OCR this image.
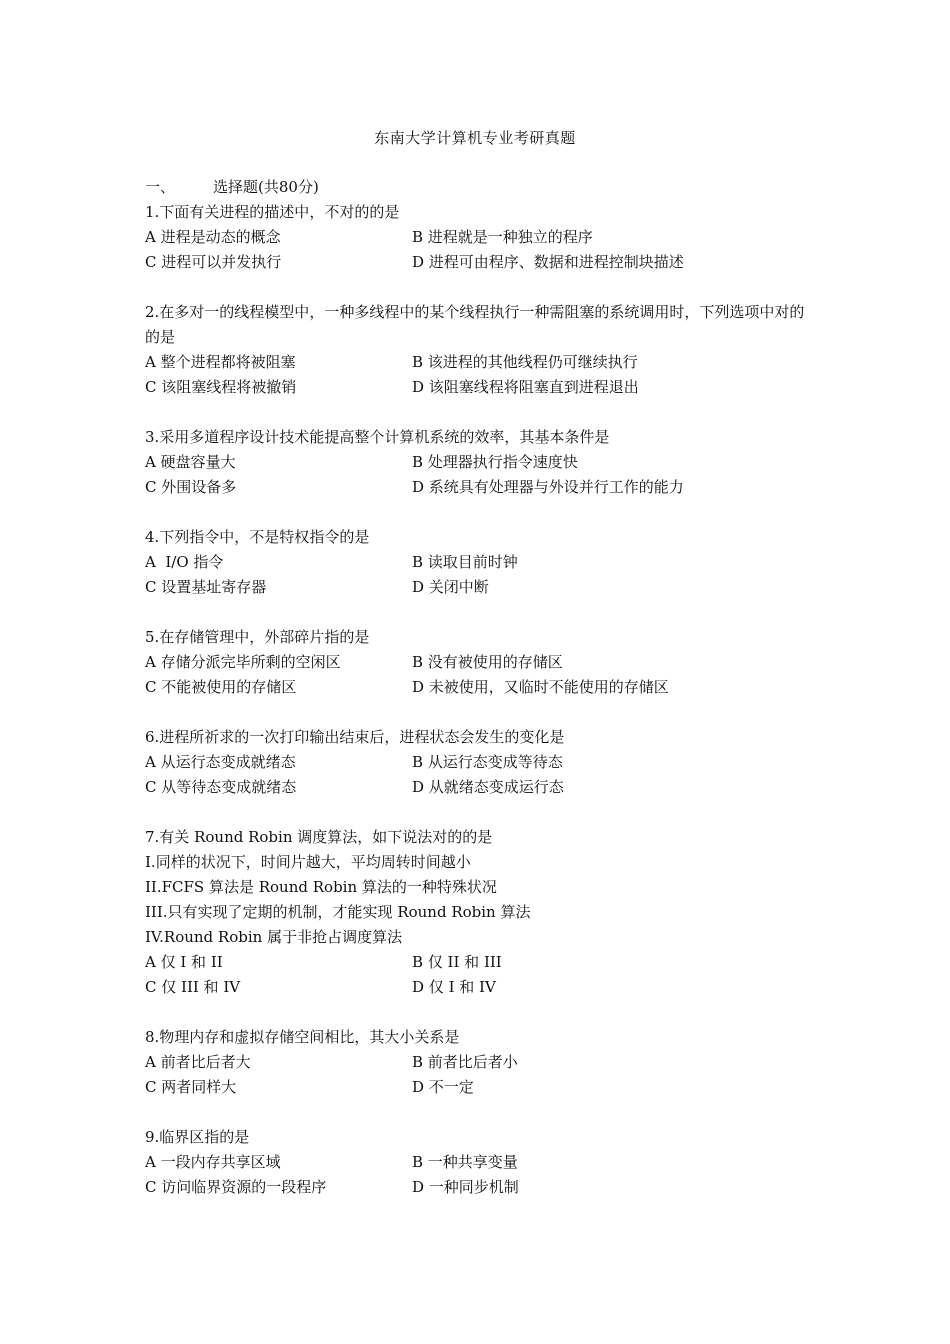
东南大学计算机专业考研真题
一、	选择题(共80分)
1.下面有关进程的描述中，不对的的是
A 进程是动态的概念	B 进程就是一种独立的程序
C 进程可以并发执行	D 进程可由程序、数据和进程控制块描述
2.在多对一的线程模型中，一种多线程中的某个线程执行一种需阻塞的系统调用时，下列选项中对的的是
A 整个进程都将被阻塞	B 该进程的其他线程仍可继续执行
C 该阻塞线程将被撤销	D 该阻塞线程将阻塞直到进程退出
3.采用多道程序设计技术能提高整个计算机系统的效率，其基本条件是
A 硬盘容量大	B 处理器执行指令速度快
C 外围设备多	D 系统具有处理器与外设并行工作的能力
4.下列指令中，不是特权指令的是
A  I/O 指令	B 读取目前时钟
C 设置基址寄存器	D 关闭中断
5.在存储管理中，外部碎片指的是
A 存储分派完毕所剩的空闲区	B 没有被使用的存储区
C 不能被使用的存储区	D 未被使用，又临时不能使用的存储区
6.进程所祈求的一次打印输出结束后，进程状态会发生的变化是
A 从运行态变成就绪态	B 从运行态变成等待态
C 从等待态变成就绪态	D 从就绪态变成运行态
7.有关 Round Robin 调度算法，如下说法对的的是
I.同样的状况下，时间片越大，平均周转时间越小
II.FCFS 算法是 Round Robin 算法的一种特殊状况
III.只有实现了定期的机制，才能实现 Round Robin 算法
IV.Round Robin 属于非抢占调度算法
A 仅 I 和 II	B 仅 II 和 III
C 仅 III 和 IV	D 仅 I 和 IV
8.物理内存和虚拟存储空间相比，其大小关系是
A 前者比后者大	B 前者比后者小
C 两者同样大	D 不一定
9.临界区指的是
A 一段内存共享区域	B 一种共享变量
C 访问临界资源的一段程序	D 一种同步机制
